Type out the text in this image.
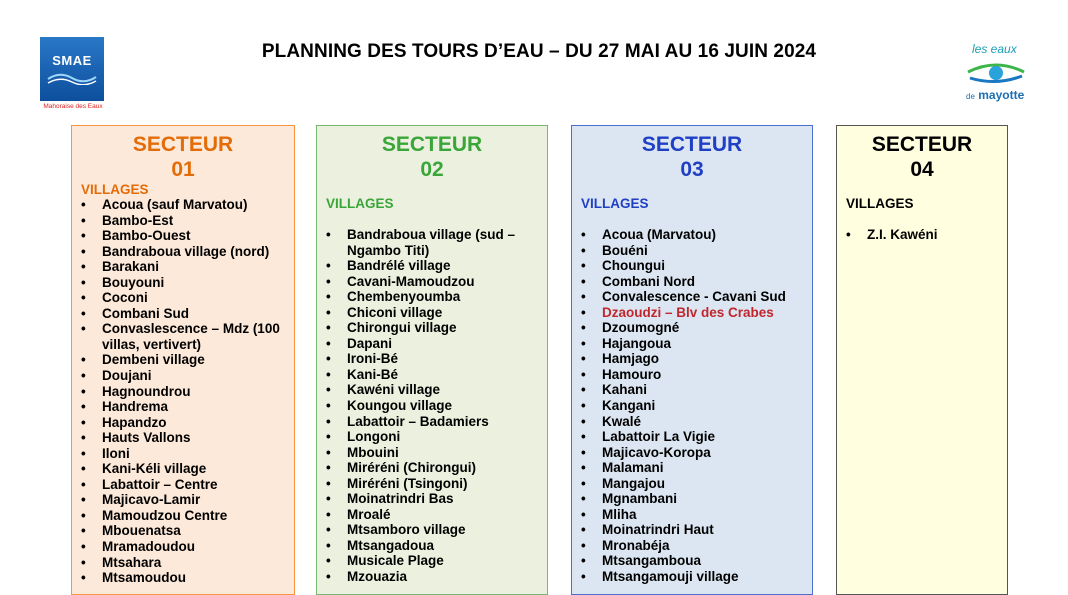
PLANNING DES TOURS D’EAU – DU 27 MAI AU 16 JUIN 2024
SMAE
Mahoraise des Eaux
les eaux
de mayotte
SECTEUR
01
VILLAGES
• Acoua (sauf Marvatou)
• Bambo-Est
• Bambo-Ouest
• Bandraboua village (nord)
• Barakani
• Bouyouni
• Coconi
• Combani Sud
• Convaslescence – Mdz (100 villas, vertivert)
• Dembeni village
• Doujani
• Hagnoundrou
• Handrema
• Hapandzo
• Hauts Vallons
• Iloni
• Kani-Kéli village
• Labattoir – Centre
• Majicavo-Lamir
• Mamoudzou Centre
• Mbouenatsa
• Mramadoudou
• Mtsahara
• Mtsamoudou
SECTEUR
02
VILLAGES
• Bandraboua village (sud – Ngambo Titi)
• Bandrélé village
• Cavani-Mamoudzou
• Chembenyoumba
• Chiconi village
• Chirongui village
• Dapani
• Ironi-Bé
• Kani-Bé
• Kawéni village
• Koungou village
• Labattoir – Badamiers
• Longoni
• Mbouini
• Miréréni (Chirongui)
• Miréréni (Tsingoni)
• Moinatrindri Bas
• Mroalé
• Mtsamboro village
• Mtsangadoua
• Musicale Plage
• Mzouazia
SECTEUR
03
VILLAGES
• Acoua (Marvatou)
• Bouéni
• Choungui
• Combani Nord
• Convalescence - Cavani Sud
• Dzaoudzi – Blv des Crabes
• Dzoumogné
• Hajangoua
• Hamjago
• Hamouro
• Kahani
• Kangani
• Kwalé
• Labattoir La Vigie
• Majicavo-Koropa
• Malamani
• Mangajou
• Mgnambani
• Mliha
• Moinatrindri Haut
• Mronabéja
• Mtsangamboua
• Mtsangamouji village
SECTEUR
04
VILLAGES
• Z.I. Kawéni
